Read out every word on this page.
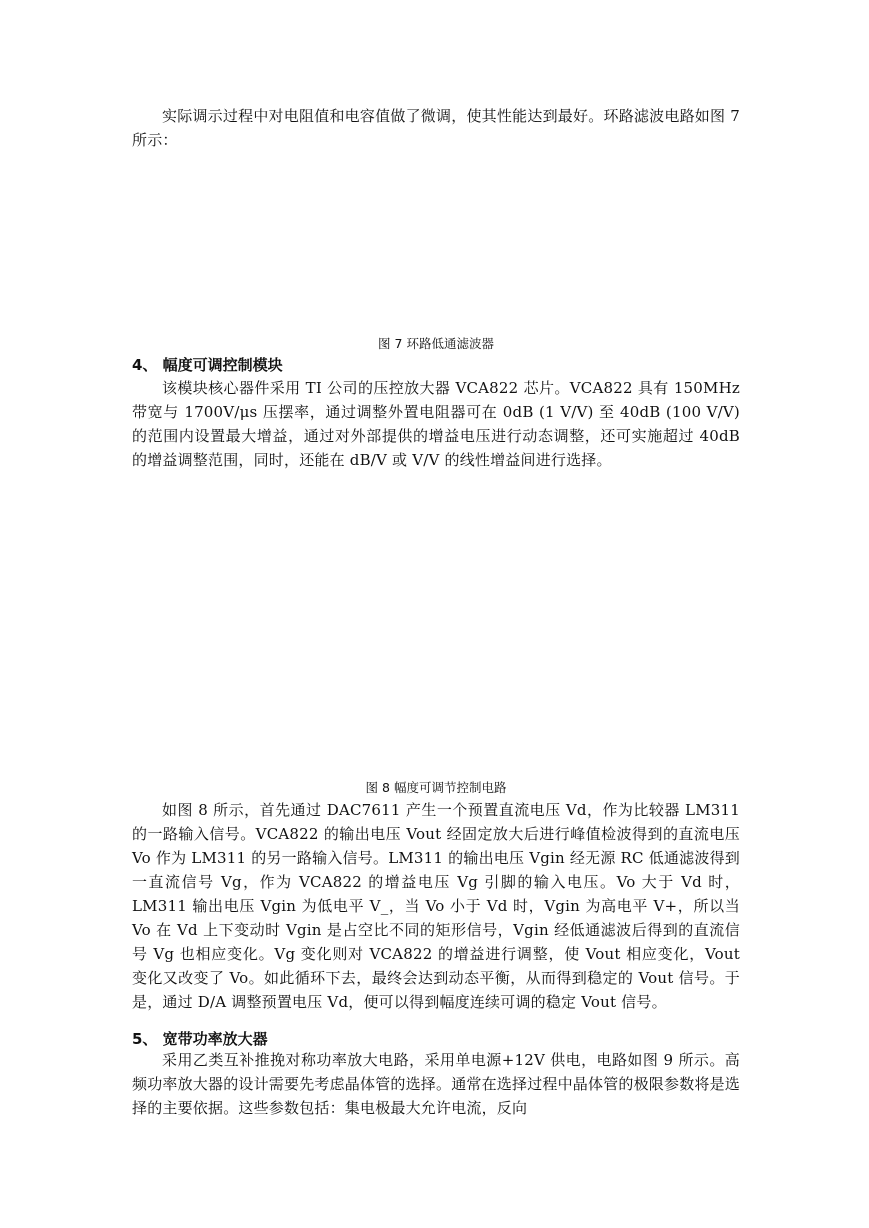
实际调示过程中对电阻值和电容值做了微调，使其性能达到最好。环路滤波电路如图 7 所示：

图 7 环路低通滤波器

4、 幅度可调控制模块

该模块核心器件采用 TI 公司的压控放大器 VCA822 芯片。VCA822 具有 150MHz 带宽与 1700V/μs 压摆率，通过调整外置电阻器可在 0dB (1 V/V) 至 40dB (100 V/V) 的范围内设置最大增益，通过对外部提供的增益电压进行动态调整，还可实施超过 40dB 的增益调整范围，同时，还能在 dB/V 或 V/V 的线性增益间进行选择。

图 8 幅度可调节控制电路

如图 8 所示，首先通过 DAC7611 产生一个预置直流电压 Vd，作为比较器 LM311 的一路输入信号。VCA822 的输出电压 Vout 经固定放大后进行峰值检波得到的直流电压 Vo 作为 LM311 的另一路输入信号。LM311 的输出电压 Vgin 经无源 RC 低通滤波得到一直流信号 Vg，作为 VCA822 的增益电压 Vg 引脚的输入电压。Vo 大于 Vd 时，LM311 输出电压 Vgin 为低电平 V_，当 Vo 小于 Vd 时，Vgin 为高电平 V+，所以当 Vo 在 Vd 上下变动时 Vgin 是占空比不同的矩形信号，Vgin 经低通滤波后得到的直流信号 Vg 也相应变化。Vg 变化则对 VCA822 的增益进行调整，使 Vout 相应变化，Vout 变化又改变了 Vo。如此循环下去，最终会达到动态平衡，从而得到稳定的 Vout 信号。于是，通过 D/A 调整预置电压 Vd，便可以得到幅度连续可调的稳定 Vout 信号。

5、 宽带功率放大器

采用乙类互补推挽对称功率放大电路，采用单电源+12V 供电，电路如图 9 所示。高频功率放大器的设计需要先考虑晶体管的选择。通常在选择过程中晶体管的极限参数将是选择的主要依据。这些参数包括：集电极最大允许电流，反向
